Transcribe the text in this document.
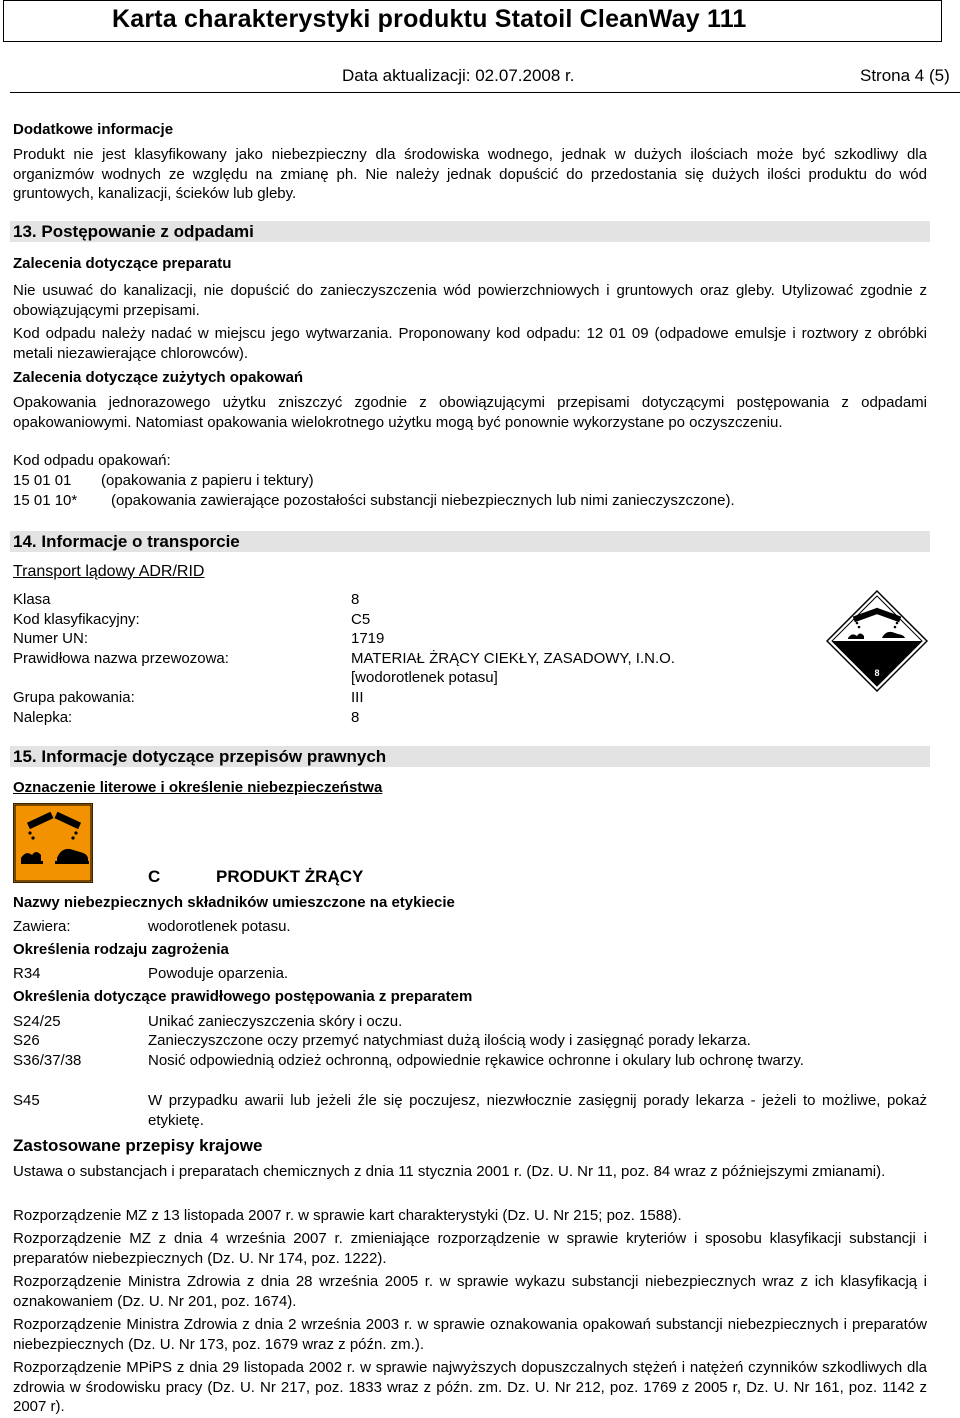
Karta charakterystyki produktu Statoil CleanWay 111
Data aktualizacji: 02.07.2008 r.	Strona 4 (5)
Dodatkowe informacje
Produkt nie jest klasyfikowany jako niebezpieczny dla środowiska wodnego, jednak w dużych ilościach może być szkodliwy dla organizmów wodnych ze względu na zmianę ph. Nie należy jednak dopuścić do przedostania się dużych ilości produktu do wód gruntowych, kanalizacji, ścieków lub gleby.
13. Postępowanie z odpadami
Zalecenia dotyczące preparatu
Nie usuwać do kanalizacji, nie dopuścić do zanieczyszczenia wód powierzchniowych i gruntowych oraz gleby. Utylizować zgodnie z obowiązującymi przepisami.
Kod odpadu należy nadać w miejscu jego wytwarzania. Proponowany kod odpadu: 12 01 09 (odpadowe emulsje i roztwory z obróbki metali niezawierające chlorowców).
Zalecenia dotyczące zużytych opakowań
Opakowania jednorazowego użytku zniszczyć zgodnie z obowiązującymi przepisami dotyczącymi postępowania z odpadami opakowaniowymi. Natomiast opakowania wielokrotnego użytku mogą być ponownie wykorzystane po oczyszczeniu.
Kod odpadu opakowań:
15 01 01 (opakowania z papieru i tektury)
15 01 10* (opakowania zawierające pozostałości substancji niebezpiecznych lub nimi zanieczyszczone).
14. Informacje o transporcie
Transport lądowy ADR/RID
Klasa	8
Kod klasyfikacyjny:	C5
Numer UN:	1719
Prawidłowa nazwa przewozowa:	MATERIAŁ ŻRĄCY CIEKŁY, ZASADOWY, I.N.O.
[wodorotlenek potasu]
Grupa pakowania:	III
Nalepka:	8
8
15. Informacje dotyczące przepisów prawnych
Oznaczenie literowe i określenie niebezpieczeństwa
C	PRODUKT ŻRĄCY
Nazwy niebezpiecznych składników umieszczone na etykiecie
Zawiera:	wodorotlenek potasu.
Określenia rodzaju zagrożenia
R34	Powoduje oparzenia.
Określenia dotyczące prawidłowego postępowania z preparatem
S24/25	Unikać zanieczyszczenia skóry i oczu.
S26	Zanieczyszczone oczy przemyć natychmiast dużą ilością wody i zasięgnąć porady lekarza.
S36/37/38	Nosić odpowiednią odzież ochronną, odpowiednie rękawice ochronne i okulary lub ochronę twarzy.
S45	W przypadku awarii lub jeżeli źle się poczujesz, niezwłocznie zasięgnij porady lekarza - jeżeli to możliwe, pokaż etykietę.
Zastosowane przepisy krajowe
Ustawa o substancjach i preparatach chemicznych z dnia 11 stycznia 2001 r. (Dz. U. Nr 11, poz. 84 wraz z późniejszymi zmianami).
Rozporządzenie MZ z 13 listopada 2007 r. w sprawie kart charakterystyki (Dz. U. Nr 215; poz. 1588).
Rozporządzenie MZ z dnia 4 września 2007 r. zmieniające rozporządzenie w sprawie kryteriów i sposobu klasyfikacji substancji i preparatów niebezpiecznych (Dz. U. Nr 174, poz. 1222).
Rozporządzenie Ministra Zdrowia z dnia 28 września 2005 r. w sprawie wykazu substancji niebezpiecznych wraz z ich klasyfikacją i oznakowaniem (Dz. U. Nr 201, poz. 1674).
Rozporządzenie Ministra Zdrowia z dnia 2 września 2003 r. w sprawie oznakowania opakowań substancji niebezpiecznych i preparatów niebezpiecznych (Dz. U. Nr 173, poz. 1679 wraz z późn. zm.).
Rozporządzenie MPiPS z dnia 29 listopada 2002 r. w sprawie najwyższych dopuszczalnych stężeń i natężeń czynników szkodliwych dla zdrowia w środowisku pracy (Dz. U. Nr 217, poz. 1833 wraz z późn. zm. Dz. U. Nr 212, poz. 1769 z 2005 r, Dz. U. Nr 161, poz. 1142 z 2007 r).
